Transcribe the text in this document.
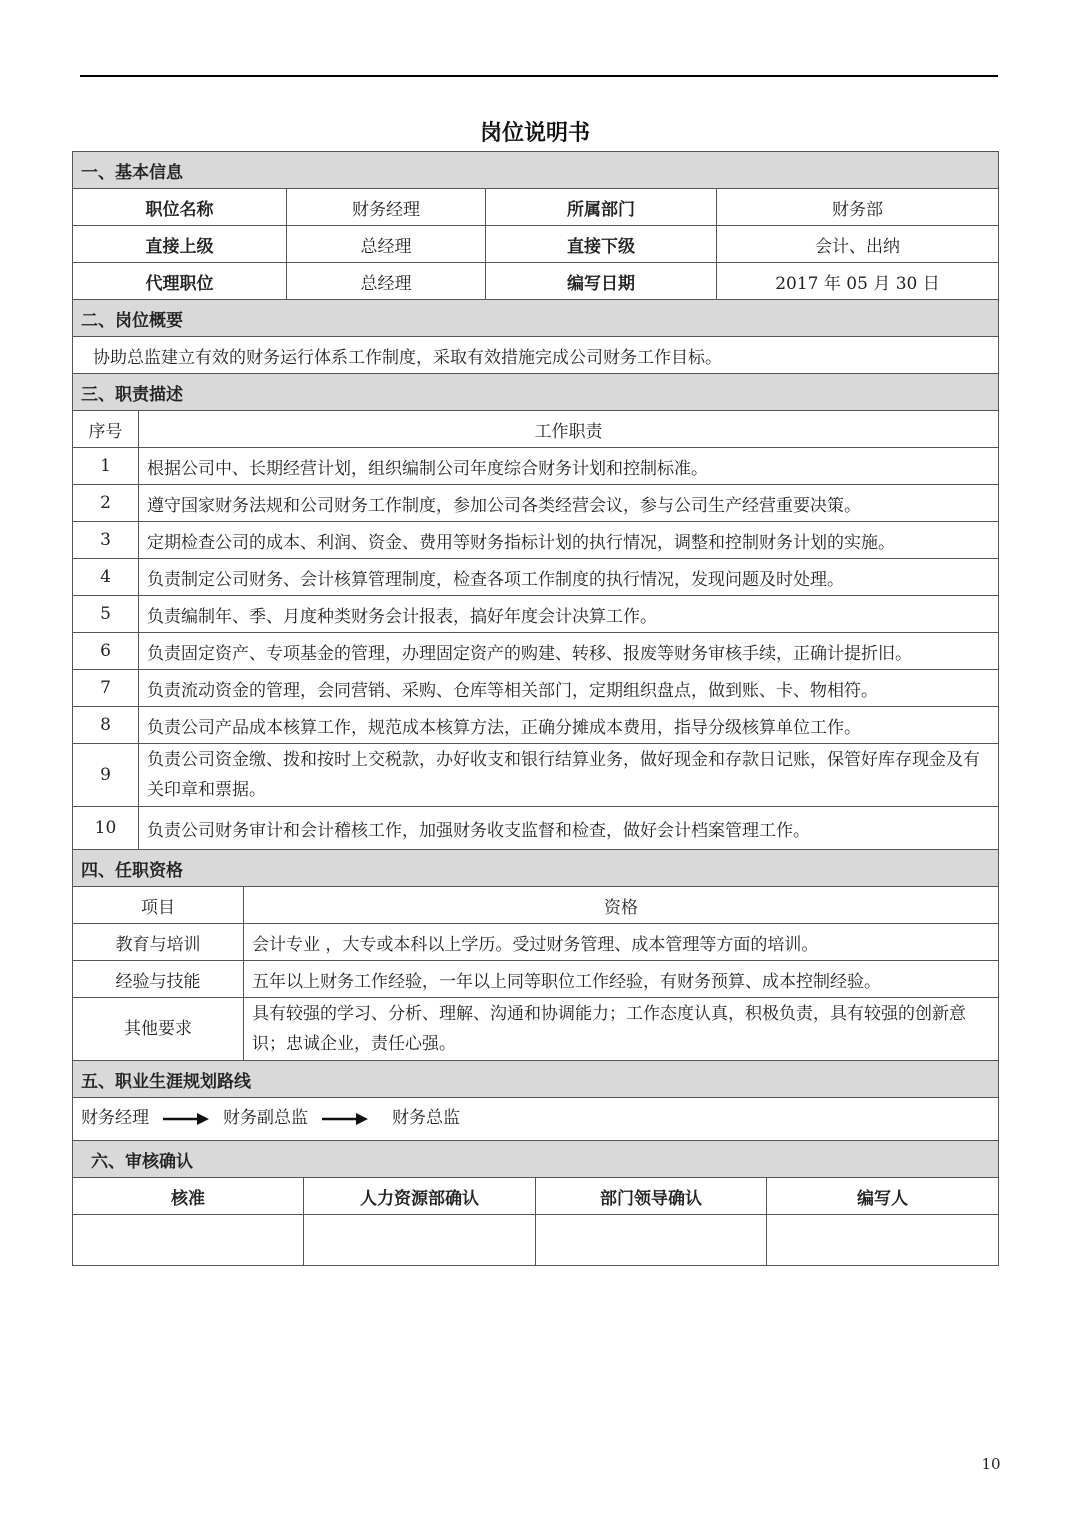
岗位说明书
一、基本信息				
职位名称		财务经理	所属部门	财务部
直接上级		总经理	直接下级	会计、出纳
代理职位		总经理	编写日期	2017 年 05 月 30 日
二、岗位概要				
协助总监建立有效的财务运行体系工作制度，采取有效措施完成公司财务工作目标。				
三、职责描述				
序号	工作职责			
1	根据公司中、长期经营计划，组织编制公司年度综合财务计划和控制标准。			
2	遵守国家财务法规和公司财务工作制度，参加公司各类经营会议，参与公司生产经营重要决策。			
3	定期检查公司的成本、利润、资金、费用等财务指标计划的执行情况，调整和控制财务计划的实施。			
4	负责制定公司财务、会计核算管理制度，检查各项工作制度的执行情况，发现问题及时处理。			
5	负责编制年、季、月度种类财务会计报表，搞好年度会计决算工作。			
6	负责固定资产、专项基金的管理，办理固定资产的购建、转移、报废等财务审核手续，正确计提折旧。			
7	负责流动资金的管理，会同营销、采购、仓库等相关部门，定期组织盘点，做到账、卡、物相符。			
8	负责公司产品成本核算工作，规范成本核算方法，正确分摊成本费用，指导分级核算单位工作。			
9	负责公司资金缴、拨和按时上交税款，办好收支和银行结算业务，做好现金和存款日记账，保管好库存现金及有关印章和票据。			
10	负责公司财务审计和会计稽核工作，加强财务收支监督和检查，做好会计档案管理工作。			
四、任职资格	
项目	资格
教育与培训	会计专业 ，大专或本科以上学历。受过财务管理、成本管理等方面的培训。
经验与技能	五年以上财务工作经验，一年以上同等职位工作经验，有财务预算、成本控制经验。
其他要求	具有较强的学习、分析、理解、沟通和协调能力；工作态度认真，积极负责，具有较强的创新意识；忠诚企业，责任心强。
五、职业生涯规划路线	
财务经理 财务副总监 财务总监	
六、审核确认			
核准	人力资源部确认	部门领导确认	编写人

10
